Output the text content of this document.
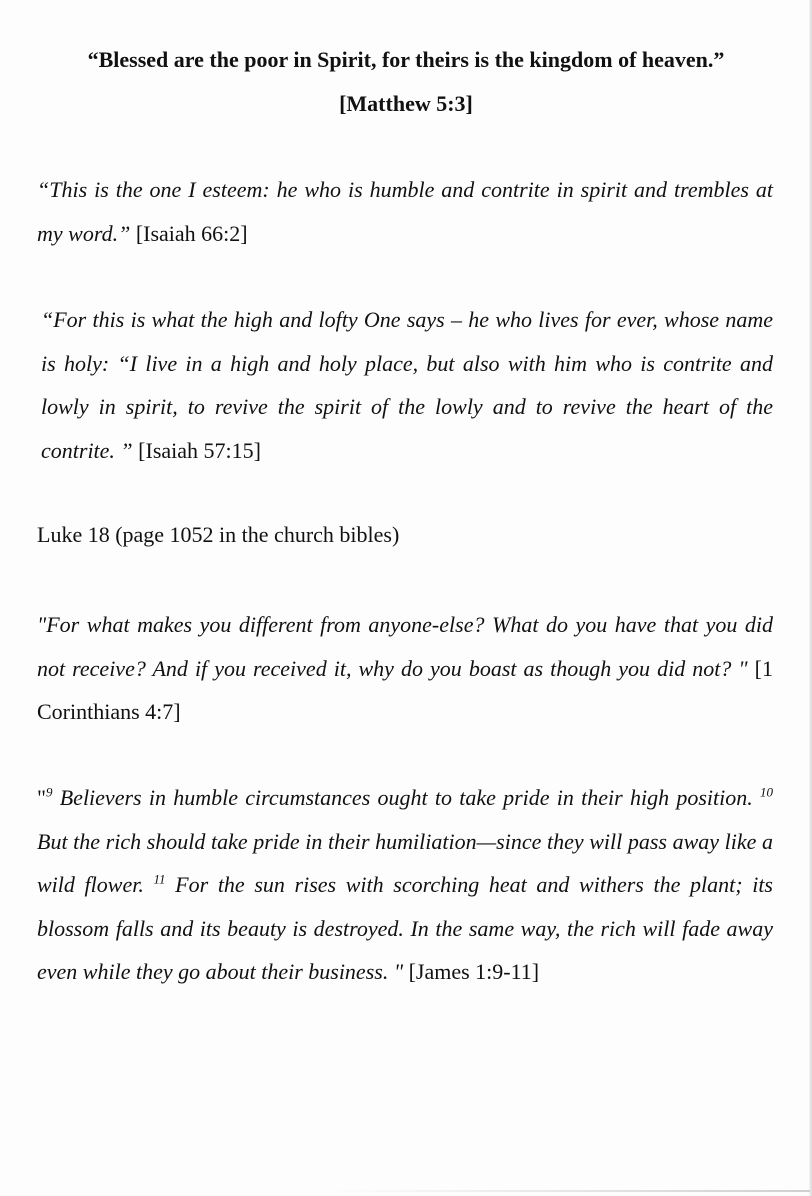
“Blessed are the poor in Spirit, for theirs is the kingdom of heaven.”
[Matthew 5:3]

“This is the one I esteem: he who is humble and contrite in spirit and trembles at my word.” [Isaiah 66:2]

“For this is what the high and lofty One says – he who lives for ever, whose name is holy: “I live in a high and holy place, but also with him who is contrite and lowly in spirit, to revive the spirit of the lowly and to revive the heart of the contrite. ” [Isaiah 57:15]

Luke 18 (page 1052 in the church bibles)

"For what makes you different from anyone-else? What do you have that you did not receive? And if you received it, why do you boast as though you did not? " [1 Corinthians 4:7]

"$^9$ Believers in humble circumstances ought to take pride in their high position. $^{10}$ But the rich should take pride in their humiliation—since they will pass away like a wild flower. $^{11}$ For the sun rises with scorching heat and withers the plant; its blossom falls and its beauty is destroyed. In the same way, the rich will fade away even while they go about their business. " [James 1:9-11]
